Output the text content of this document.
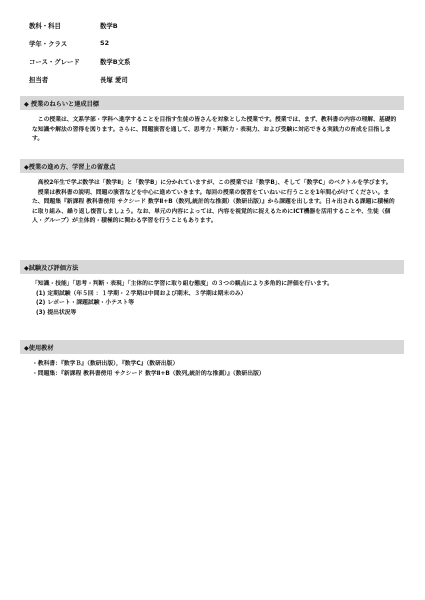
教科・科目	数学B
学年・クラス	S2
コース・グレード	数学B文系
担当者	長塚 愛司
◆ 授業のねらいと達成目標

この授業は、文系学部・学科へ進学することを目指す生徒の皆さんを対象とした授業です。授業では、まず、教科書の内容の理解、基礎的な知識や解法の習得を図ります。さらに、問題演習を通して、思考力・判断力・表現力、および受験に対応できる実践力の育成を目指します。

◆授業の進め方、学習上の留意点

高校2年生で学ぶ数学は「数学Ⅱ」と「数学B」に分かれていますが、この授業では「数学B」、そして「数学C」のベクトルを学びます。

授業は教科書の説明、問題の演習などを中心に進めていきます。毎回の授業の復習をていねいに行うことを1年間心がけてください。また、問題集『新課程 教科書傍用 サクシード 数学Ⅱ+B（数列,統計的な推測）（数研出版）』から課題を出します。日々出される課題に積極的に取り組み、繰り返し復習しましょう。なお、単元の内容によっては、内容を視覚的に捉えるためにICT機器を活用することや、生徒（個人・グループ）が主体的・積極的に関わる学習を行うこともあります。

◆試験及び評価方法

「知識・技能」「思考・判断・表現」「主体的に学習に取り組む態度」の３つの観点により多角的に評価を行います。

(1) 定期試験（年５回 ：１学期・２学期は中間および期末、３学期は期末のみ）

(2) レポート・課題試験・小テスト等

(3) 提出状況等

◆使用教材

・教科書：『数学Ｂ』（数研出版），『数学C』（数研出版）

・問題集：『新課程 教科書傍用 サクシード 数学Ⅱ+B（数列,統計的な推測）』（数研出版）
